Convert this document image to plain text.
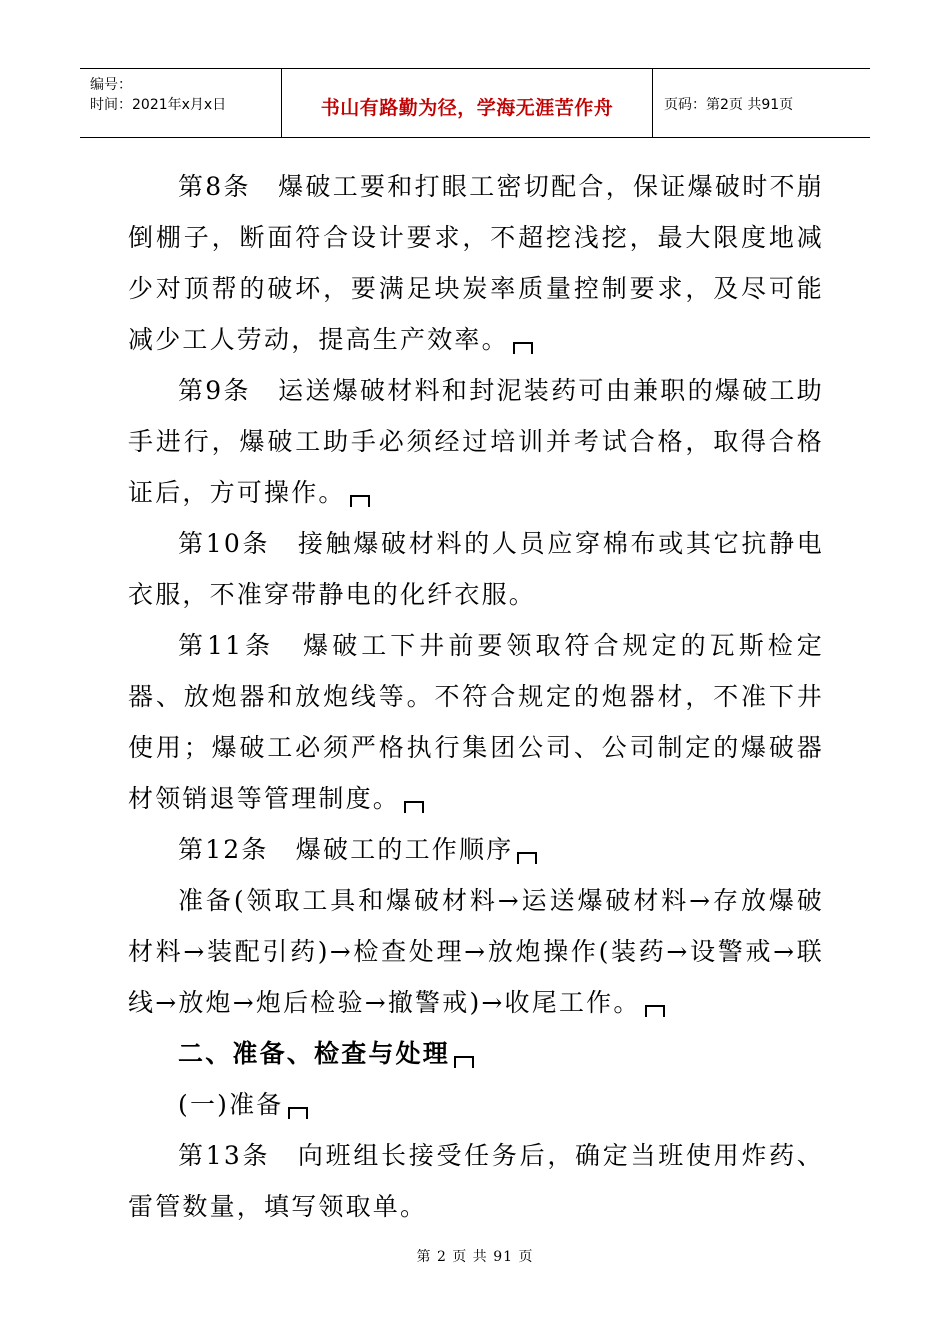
编号：
时间：2021年x月x日	书山有路勤为径，学海无涯苦作舟	页码：第2页 共91页

第8条　爆破工要和打眼工密切配合，保证爆破时不崩倒棚子，断面符合设计要求，不超挖浅挖，最大限度地减少对顶帮的破坏，要满足块炭率质量控制要求，及尽可能减少工人劳动，提高生产效率。

第9条　运送爆破材料和封泥装药可由兼职的爆破工助手进行，爆破工助手必须经过培训并考试合格，取得合格证后，方可操作。

第10条　接触爆破材料的人员应穿棉布或其它抗静电衣服，不准穿带静电的化纤衣服。

第11条　爆破工下井前要领取符合规定的瓦斯检定器、放炮器和放炮线等。不符合规定的炮器材，不准下井使用；爆破工必须严格执行集团公司、公司制定的爆破器材领销退等管理制度。

第12条　爆破工的工作顺序

准备(领取工具和爆破材料→运送爆破材料→存放爆破材料→装配引药)→检查处理→放炮操作(装药→设警戒→联线→放炮→炮后检验→撤警戒)→收尾工作。

二、准备、检查与处理

(一)准备

第13条　向班组长接受任务后，确定当班使用炸药、雷管数量，填写领取单。

第 2 页 共 91 页
